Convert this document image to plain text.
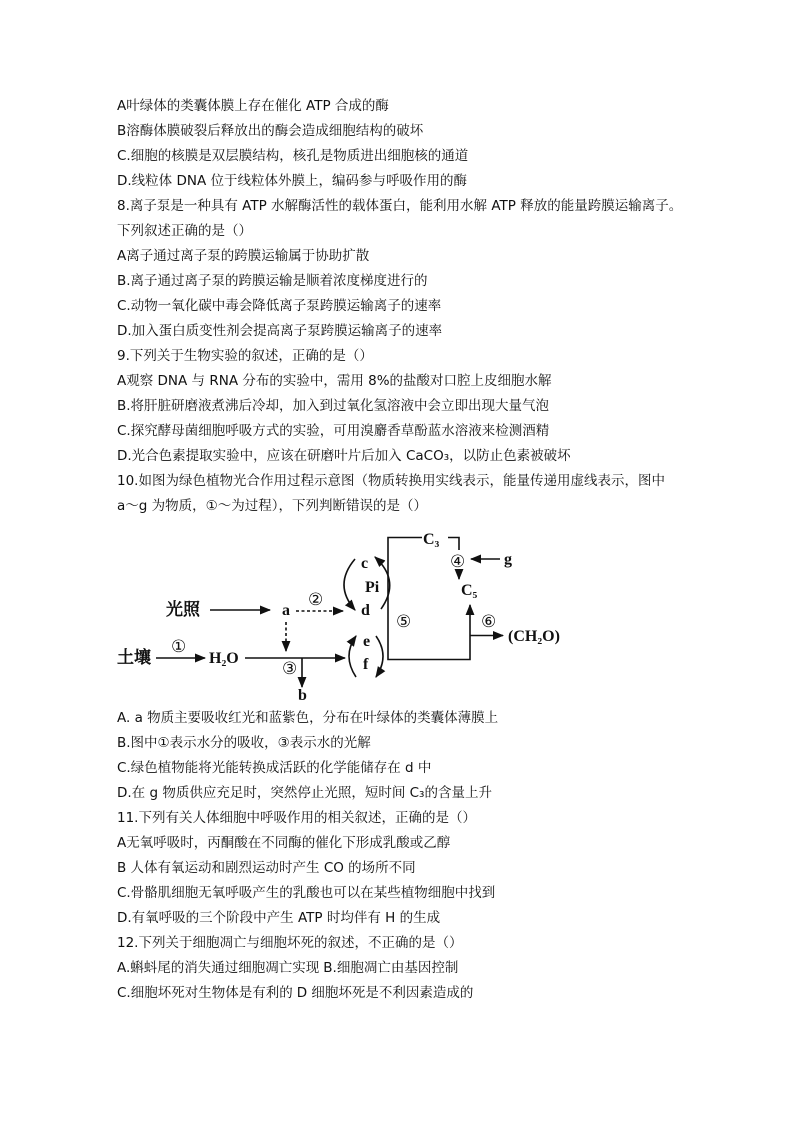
A叶绿体的类囊体膜上存在催化 ATP 合成的酶
B溶酶体膜破裂后释放出的酶会造成细胞结构的破坏
C.细胞的核膜是双层膜结构，核孔是物质进出细胞核的通道
D.线粒体 DNA 位于线粒体外膜上，编码参与呼吸作用的酶
8.离子泵是一种具有 ATP 水解酶活性的载体蛋白，能利用水解 ATP 释放的能量跨膜运输离子。
下列叙述正确的是（）
A离子通过离子泵的跨膜运输属于协助扩散
B.离子通过离子泵的跨膜运输是顺着浓度梯度进行的
C.动物一氧化碳中毒会降低离子泵跨膜运输离子的速率
D.加入蛋白质变性剂会提高离子泵跨膜运输离子的速率
9.下列关于生物实验的叙述，正确的是（）
A观察 DNA 与 RNA 分布的实验中，需用 8%的盐酸对口腔上皮细胞水解
B.将肝脏研磨液煮沸后冷却，加入到过氧化氢溶液中会立即出现大量气泡
C.探究酵母菌细胞呼吸方式的实验，可用溴麝香草酚蓝水溶液来检测酒精
D.光合色素提取实验中，应该在研磨叶片后加入 CaCO₃，以防止色素被破坏
10.如图为绿色植物光合作用过程示意图（物质转换用实线表示，能量传递用虚线表示，图中
a～g 为物质，①～为过程），下列判断错误的是（）
光照	a
②
c
Pi
d
土壤
①
H₂O
③
b
e
f
C₃
④ g
C₅
⑤	⑥
(CH₂O)
A. a 物质主要吸收红光和蓝紫色，分布在叶绿体的类囊体薄膜上
B.图中①表示水分的吸收，③表示水的光解
C.绿色植物能将光能转换成活跃的化学能储存在 d 中
D.在 g 物质供应充足时，突然停止光照，短时间 C₃的含量上升
11.下列有关人体细胞中呼吸作用的相关叙述，正确的是（）
A无氧呼吸时，丙酮酸在不同酶的催化下形成乳酸或乙醇
B 人体有氧运动和剧烈运动时产生 CO 的场所不同
C.骨骼肌细胞无氧呼吸产生的乳酸也可以在某些植物细胞中找到
D.有氧呼吸的三个阶段中产生 ATP 时均伴有 H 的生成
12.下列关于细胞凋亡与细胞坏死的叙述，不正确的是（）
A.蝌蚪尾的消失通过细胞凋亡实现 B.细胞凋亡由基因控制
C.细胞坏死对生物体是有利的 D 细胞坏死是不利因素造成的
